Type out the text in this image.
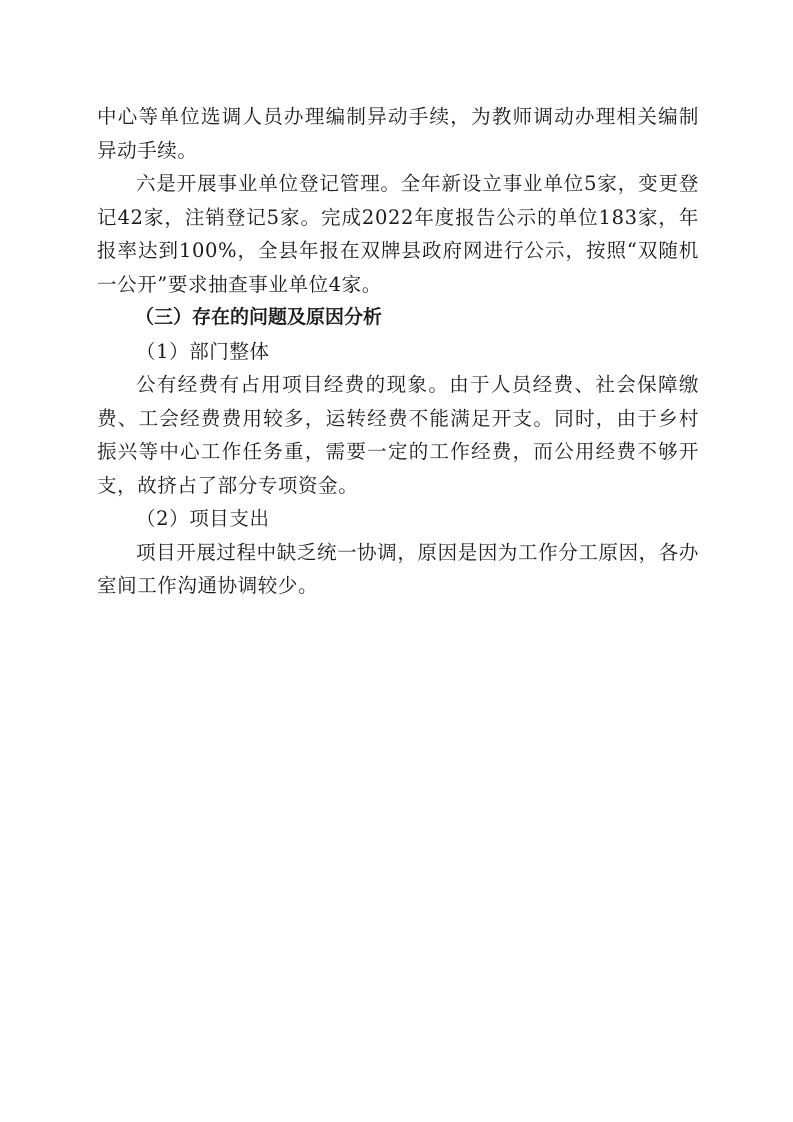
中心等单位选调人员办理编制异动手续，为教师调动办理相关编制异动手续。

六是开展事业单位登记管理。全年新设立事业单位5家，变更登记42家，注销登记5家。完成2022年度报告公示的单位183家，年报率达到100%，全县年报在双牌县政府网进行公示，按照“双随机一公开”要求抽查事业单位4家。

（三）存在的问题及原因分析

（1）部门整体

公有经费有占用项目经费的现象。由于人员经费、社会保障缴费、工会经费费用较多，运转经费不能满足开支。同时，由于乡村振兴等中心工作任务重，需要一定的工作经费，而公用经费不够开支，故挤占了部分专项资金。

（2）项目支出

项目开展过程中缺乏统一协调，原因是因为工作分工原因，各办室间工作沟通协调较少。
